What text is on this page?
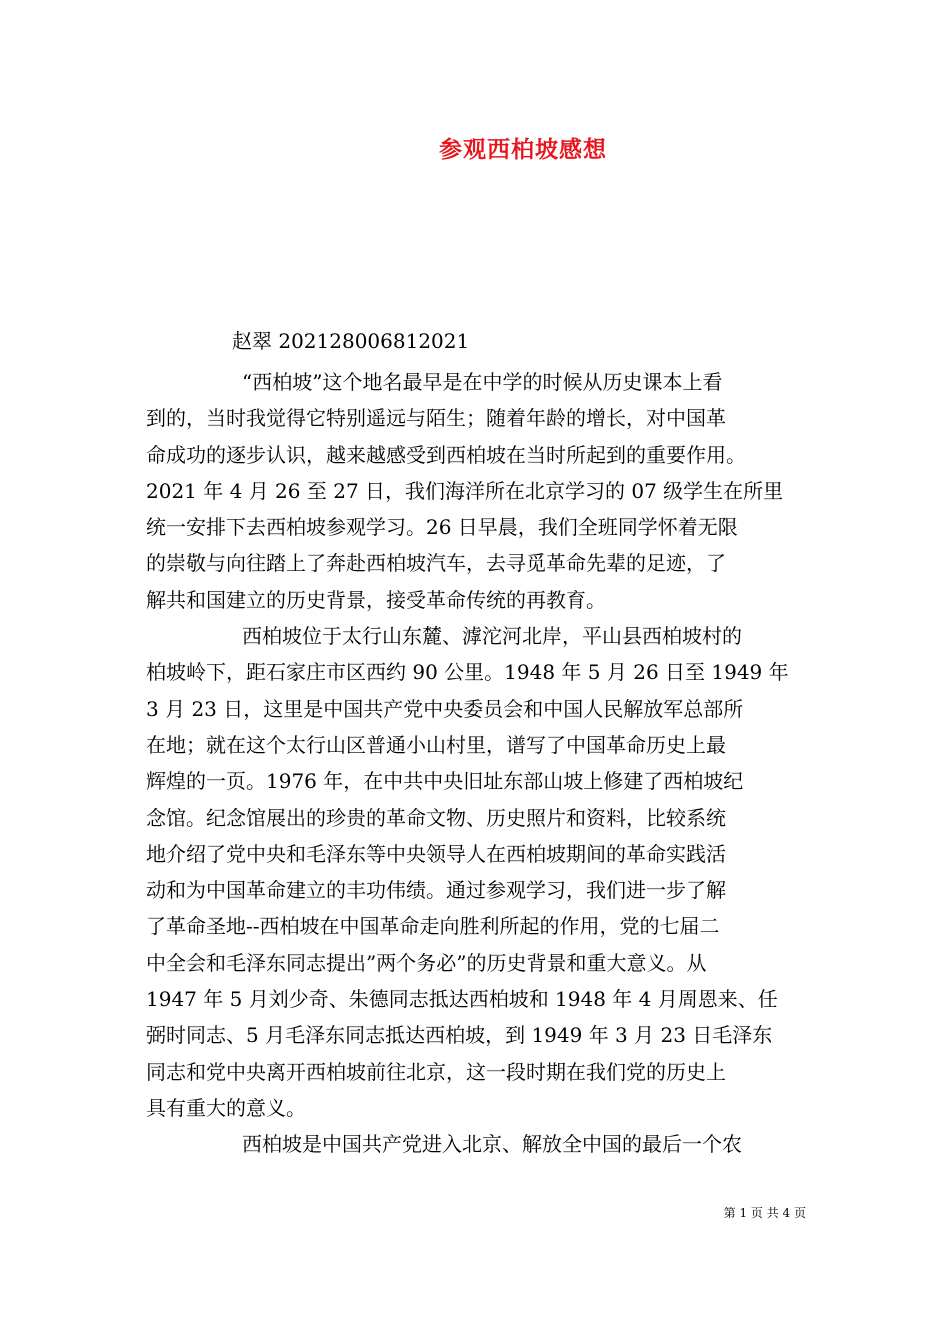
参观西柏坡感想
赵翠 202128006812021
“西柏坡”这个地名最早是在中学的时候从历史课本上看
到的，当时我觉得它特别遥远与陌生；随着年龄的增长，对中国革
命成功的逐步认识，越来越感受到西柏坡在当时所起到的重要作用。
2021 年 4 月 26 至 27 日，我们海洋所在北京学习的 07 级学生在所里
统一安排下去西柏坡参观学习。26 日早晨，我们全班同学怀着无限
的崇敬与向往踏上了奔赴西柏坡汽车，去寻觅革命先辈的足迹，了
解共和国建立的历史背景，接受革命传统的再教育。
西柏坡位于太行山东麓、滹沱河北岸，平山县西柏坡村的
柏坡岭下，距石家庄市区西约 90 公里。1948 年 5 月 26 日至 1949 年
3 月 23 日，这里是中国共产党中央委员会和中国人民解放军总部所
在地；就在这个太行山区普通小山村里，谱写了中国革命历史上最
辉煌的一页。1976 年，在中共中央旧址东部山坡上修建了西柏坡纪
念馆。纪念馆展出的珍贵的革命文物、历史照片和资料，比较系统
地介绍了党中央和毛泽东等中央领导人在西柏坡期间的革命实践活
动和为中国革命建立的丰功伟绩。通过参观学习，我们进一步了解
了革命圣地--西柏坡在中国革命走向胜利所起的作用，党的七届二
中全会和毛泽东同志提出”两个务必”的历史背景和重大意义。从
1947 年 5 月刘少奇、朱德同志抵达西柏坡和 1948 年 4 月周恩来、任
弼时同志、5 月毛泽东同志抵达西柏坡，到 1949 年 3 月 23 日毛泽东
同志和党中央离开西柏坡前往北京，这一段时期在我们党的历史上
具有重大的意义。
西柏坡是中国共产党进入北京、解放全中国的最后一个农
第 1 页 共 4 页
